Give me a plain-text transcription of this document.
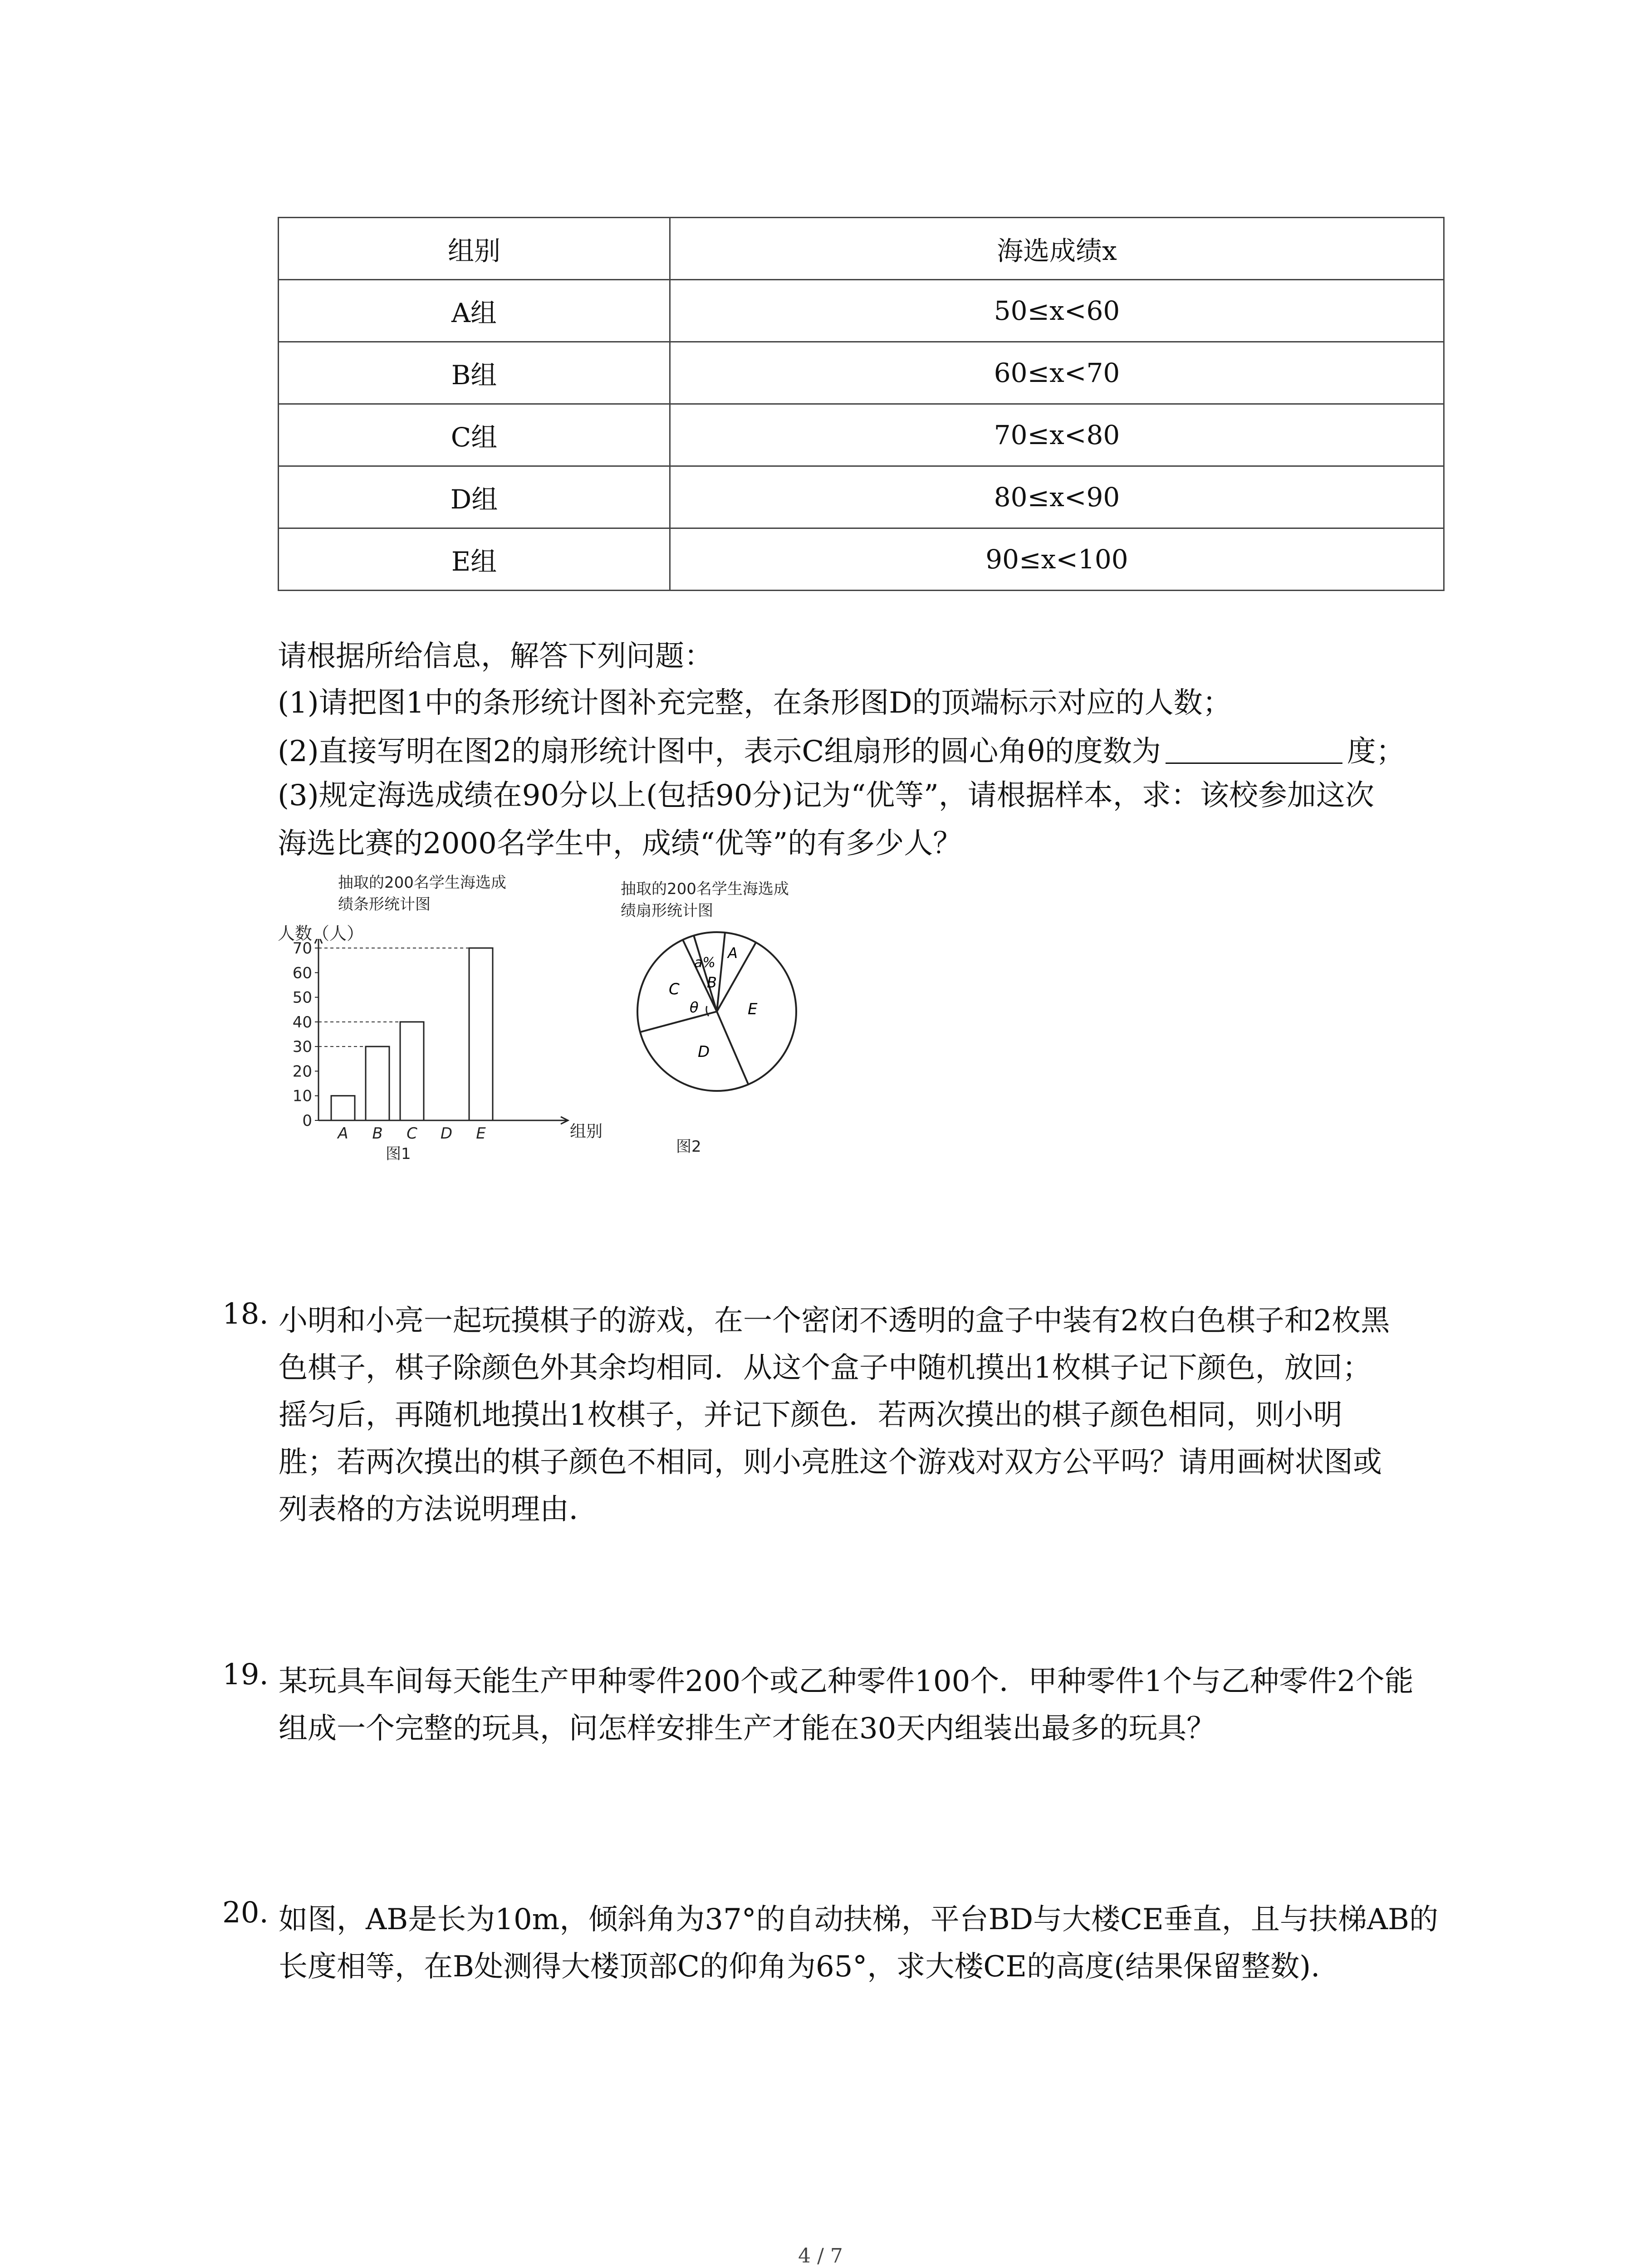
组别	海选成绩x
A组	50≤x<60
B组	60≤x<70
C组	70≤x<80
D组	80≤x<90
E组	90≤x<100
请根据所给信息，解答下列问题：
(1)请把图1中的条形统计图补充完整，在条形图D的顶端标示对应的人数；
(2)直接写明在图2的扇形统计图中，表示C组扇形的圆心角θ的度数为	度；
(3)规定海选成绩在90分以上(包括90分)记为“优等”，请根据样本，求：该校参加这次
海选比赛的2000名学生中，成绩“优等”的有多少人？
抽取的200名学生海选成
绩条形统计图
人数（人）
图1
0
10
20
30
40
50
60
70
A B C D E	组别
抽取的200名学生海选成
绩扇形统计图
图2
a%
B
A
C
θ	E
D
18. 小明和小亮一起玩摸棋子的游戏，在一个密闭不透明的盒子中装有2枚白色棋子和2枚黑
色棋子，棋子除颜色外其余均相同．从这个盒子中随机摸出1枚棋子记下颜色，放回；
摇匀后，再随机地摸出1枚棋子，并记下颜色．若两次摸出的棋子颜色相同，则小明
胜；若两次摸出的棋子颜色不相同，则小亮胜这个游戏对双方公平吗？请用画树状图或
列表格的方法说明理由．
19. 某玩具车间每天能生产甲种零件200个或乙种零件100个．甲种零件1个与乙种零件2个能
组成一个完整的玩具，问怎样安排生产才能在30天内组装出最多的玩具？
20. 如图，AB是长为10m，倾斜角为37°的自动扶梯，平台BD与大楼CE垂直，且与扶梯AB的
长度相等，在B处测得大楼顶部C的仰角为65°，求大楼CE的高度(结果保留整数).
4 / 7
